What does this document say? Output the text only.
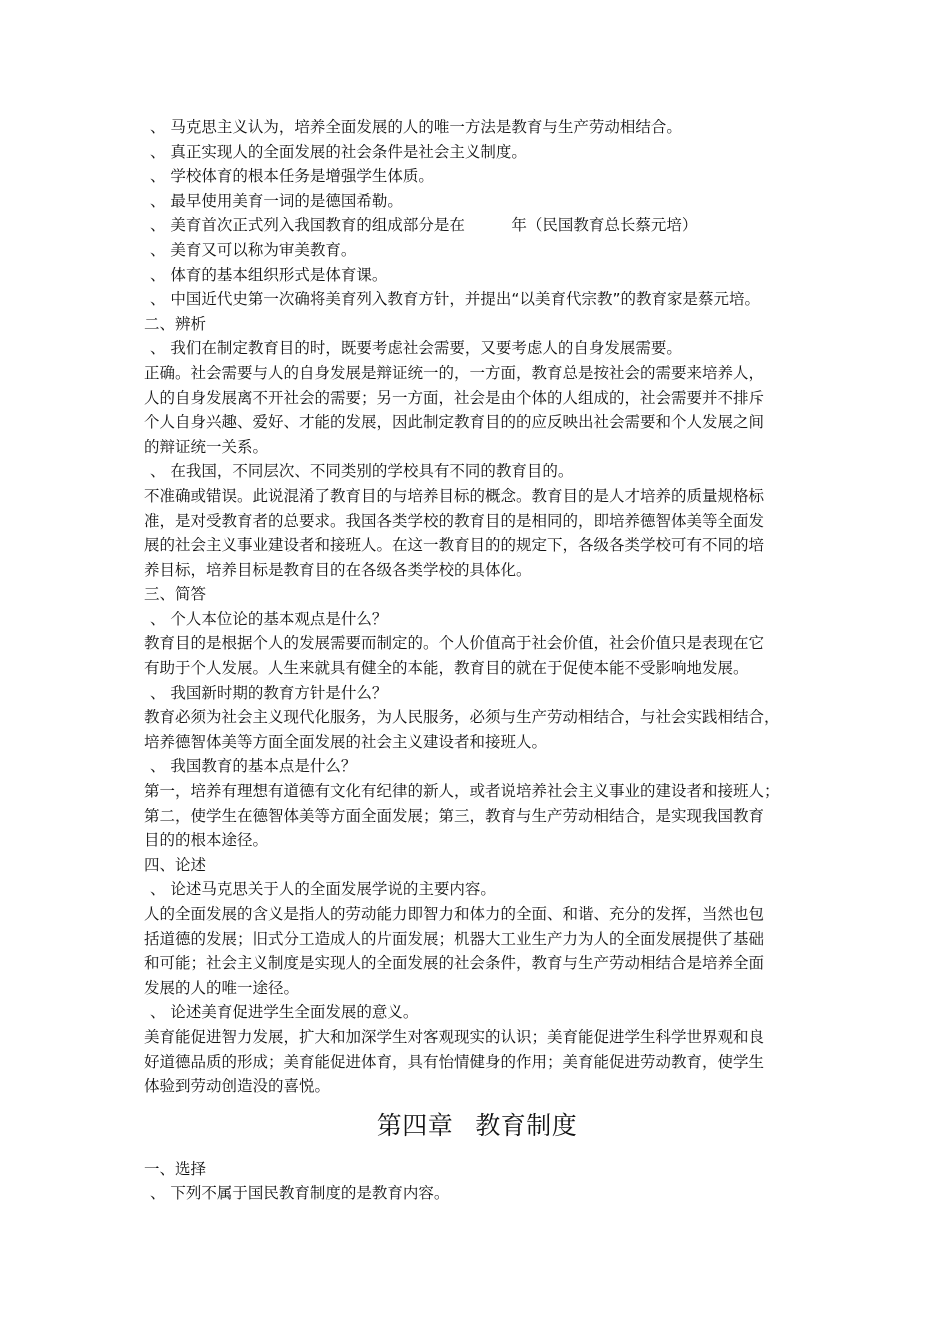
、 马克思主义认为，培养全面发展的人的唯一方法是教育与生产劳动相结合。
、 真正实现人的全面发展的社会条件是社会主义制度。
、 学校体育的根本任务是增强学生体质。
、 最早使用美育一词的是德国希勒。
、 美育首次正式列入我国教育的组成部分是在　　　年（民国教育总长蔡元培）
、 美育又可以称为审美教育。
、 体育的基本组织形式是体育课。
、 中国近代史第一次确将美育列入教育方针，并提出“以美育代宗教”的教育家是蔡元培。
二、辨析
、 我们在制定教育目的时，既要考虑社会需要，又要考虑人的自身发展需要。
正确。社会需要与人的自身发展是辩证统一的，一方面，教育总是按社会的需要来培养人，
人的自身发展离不开社会的需要；另一方面，社会是由个体的人组成的，社会需要并不排斥
个人自身兴趣、爱好、才能的发展，因此制定教育目的的应反映出社会需要和个人发展之间
的辩证统一关系。
、 在我国，不同层次、不同类别的学校具有不同的教育目的。
不准确或错误。此说混淆了教育目的与培养目标的概念。教育目的是人才培养的质量规格标
准，是对受教育者的总要求。我国各类学校的教育目的是相同的，即培养德智体美等全面发
展的社会主义事业建设者和接班人。在这一教育目的的规定下，各级各类学校可有不同的培
养目标，培养目标是教育目的在各级各类学校的具体化。
三、简答
、 个人本位论的基本观点是什么？
教育目的是根据个人的发展需要而制定的。个人价值高于社会价值，社会价值只是表现在它
有助于个人发展。人生来就具有健全的本能，教育目的就在于促使本能不受影响地发展。
、 我国新时期的教育方针是什么？
教育必须为社会主义现代化服务，为人民服务，必须与生产劳动相结合，与社会实践相结合，
培养德智体美等方面全面发展的社会主义建设者和接班人。
、 我国教育的基本点是什么？
第一，培养有理想有道德有文化有纪律的新人，或者说培养社会主义事业的建设者和接班人；
第二，使学生在德智体美等方面全面发展；第三，教育与生产劳动相结合，是实现我国教育
目的的根本途径。
四、论述
、 论述马克思关于人的全面发展学说的主要内容。
人的全面发展的含义是指人的劳动能力即智力和体力的全面、和谐、充分的发挥，当然也包
括道德的发展；旧式分工造成人的片面发展；机器大工业生产力为人的全面发展提供了基础
和可能；社会主义制度是实现人的全面发展的社会条件，教育与生产劳动相结合是培养全面
发展的人的唯一途径。
、 论述美育促进学生全面发展的意义。
美育能促进智力发展，扩大和加深学生对客观现实的认识；美育能促进学生科学世界观和良
好道德品质的形成；美育能促进体育，具有怡情健身的作用；美育能促进劳动教育，使学生
体验到劳动创造没的喜悦。
第四章 教育制度
一、选择
、 下列不属于国民教育制度的是教育内容。
